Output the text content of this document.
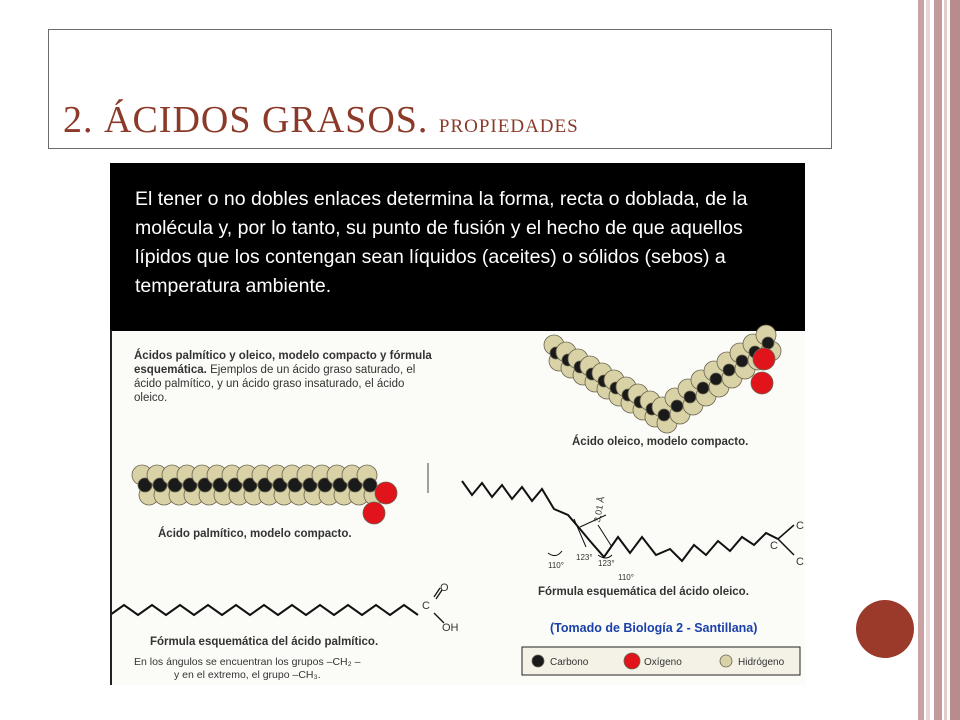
2. ÁCIDOS GRASOS. propiedades

El tener o no dobles enlaces determina la forma, recta o doblada, de la molécula y, por lo tanto, su punto de fusión y el hecho de que aquellos lípidos que los contengan sean líquidos (aceites) o sólidos (sebos) a temperatura ambiente.

Carbono	Oxígeno	Hidrógeno

Ácidos palmítico y oleico, modelo compacto y fórmula esquemática. Ejemplos de un ácido graso saturado, el ácido palmítico, y un ácido graso insaturado, el ácido oleico.

Ácido oleico, modelo compacto.

Ácido palmítico, modelo compacto.

Fórmula esquemática del ácido oleico.

Fórmula esquemática del ácido palmítico.

En los ángulos se encuentran los grupos –CH₂ –

y en el extremo, el grupo –CH₃.

(Tomado de Biología 2 - Santillana)

3,01 Å

123°

123°

110°

110°

C

C

C

O

C

OH
